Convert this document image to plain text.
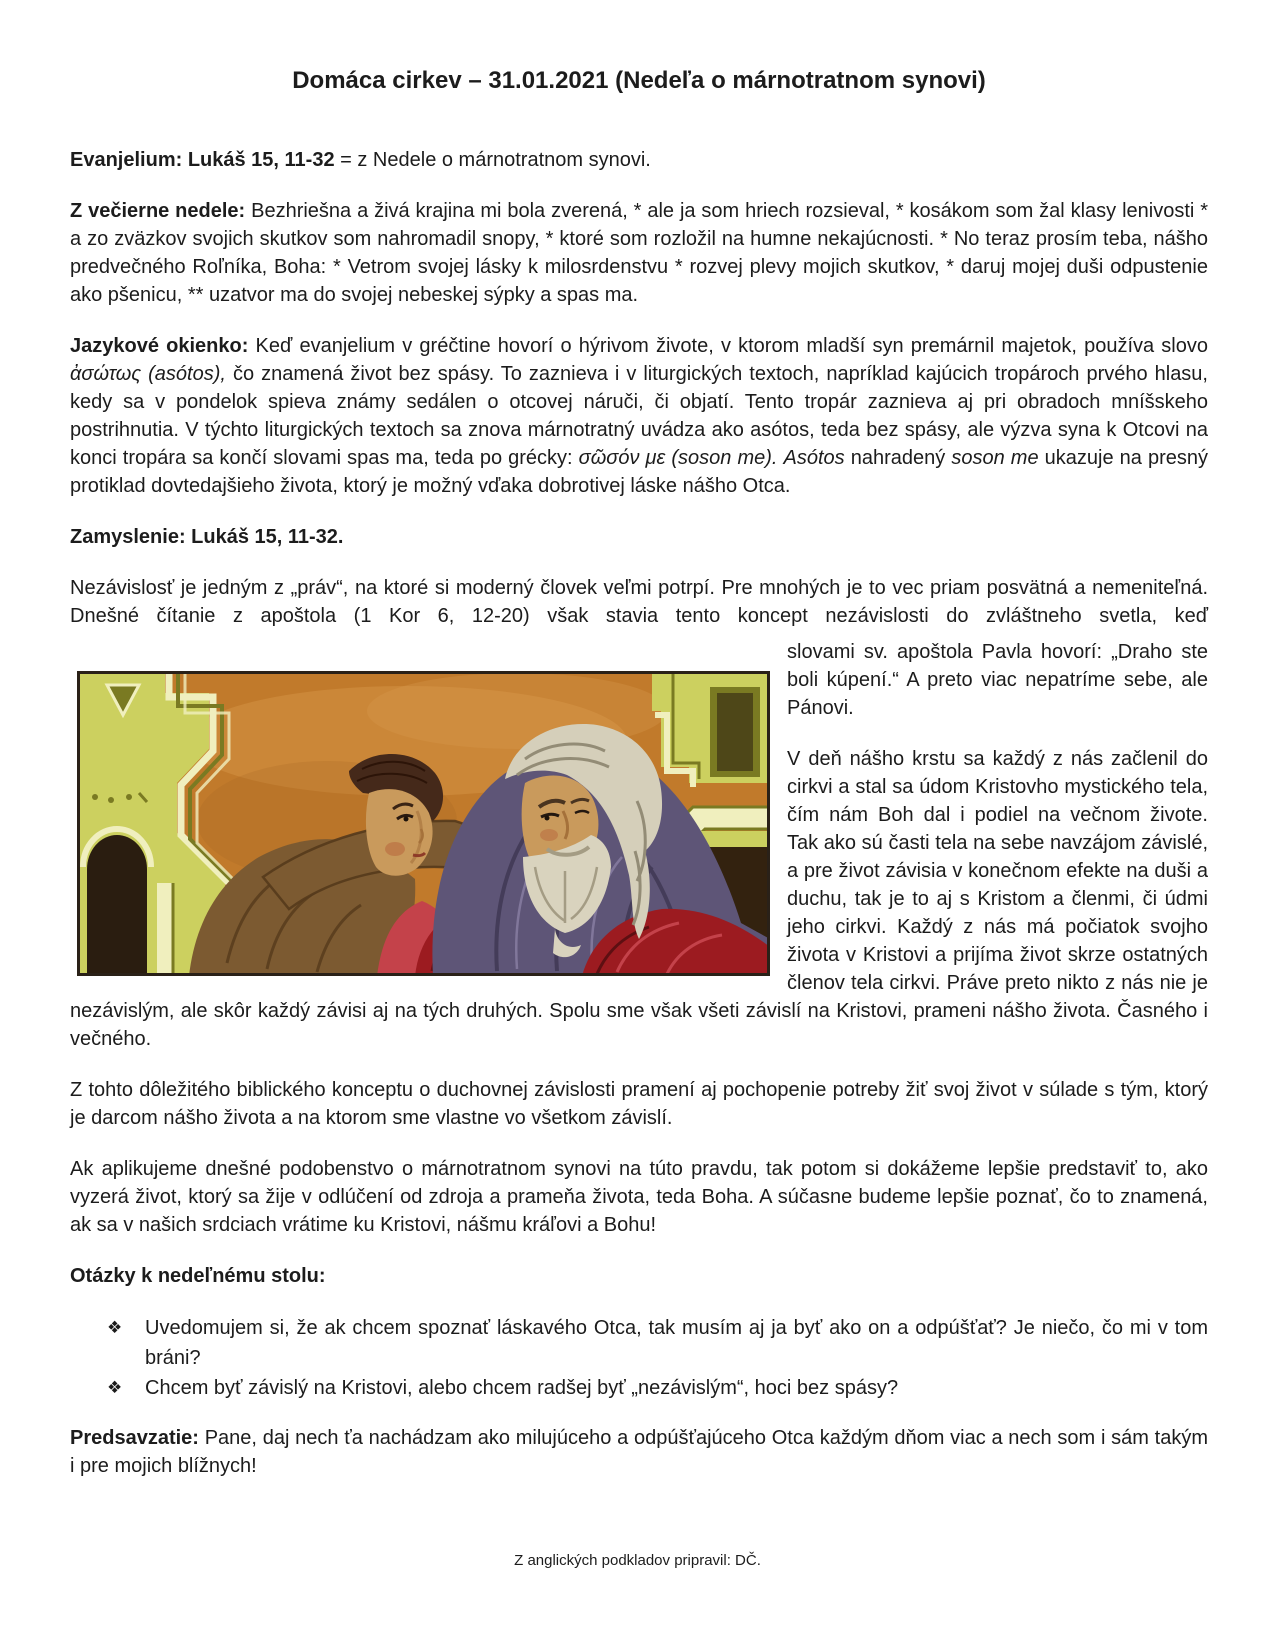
Domáca cirkev – 31.01.2021 (Nedeľa o márnotratnom synovi)

Evanjelium: Lukáš 15, 11-32 = z Nedele o márnotratnom synovi.

Z večierne nedele: Bezhriešna a živá krajina mi bola zverená, * ale ja som hriech rozsieval, * kosákom som žal klasy lenivosti * a zo zväzkov svojich skutkov som nahromadil snopy, * ktoré som rozložil na humne nekajúcnosti. * No teraz prosím teba, nášho predvečného Roľníka, Boha: * Vetrom svojej lásky k milosrdenstvu * rozvej plevy mojich skutkov, * daruj mojej duši odpustenie ako pšenicu, ** uzatvor ma do svojej nebeskej sýpky a spas ma.

Jazykové okienko: Keď evanjelium v gréčtine hovorí o hýrivom živote, v ktorom mladší syn premárnil majetok, používa slovo ἀσώτως (asótos), čo znamená život bez spásy. To zaznieva i v liturgických textoch, napríklad kajúcich tropároch prvého hlasu, kedy sa v pondelok spieva známy sedálen o otcovej náruči, či objatí. Tento tropár zaznieva aj pri obradoch mníšskeho postrihnutia. V týchto liturgických textoch sa znova márnotratný uvádza ako asótos, teda bez spásy, ale výzva syna k Otcovi na konci tropára sa končí slovami spas ma, teda po grécky: σῶσόν με (soson me). Asótos nahradený soson me ukazuje na presný protiklad dovtedajšieho života, ktorý je možný vďaka dobrotivej láske nášho Otca.

Zamyslenie: Lukáš 15, 11-32.

Nezávislosť je jedným z „práv“, na ktoré si moderný človek veľmi potrpí. Pre mnohých je to vec priam posvätná a nemeniteľná. Dnešné čítanie z apoštola (1 Kor 6, 12-20) však stavia tento koncept nezávislosti do zvláštneho svetla, keď

slovami sv. apoštola Pavla hovorí: „Draho ste boli kúpení.“ A preto viac nepatríme sebe, ale Pánovi.

V deň nášho krstu sa každý z nás začlenil do cirkvi a stal sa údom Kristovho mystického tela, čím nám Boh dal i podiel na večnom živote. Tak ako sú časti tela na sebe navzájom závislé, a pre život závisia v konečnom efekte na duši a duchu, tak je to aj s Kristom a členmi, či údmi jeho cirkvi. Každý z nás má počiatok svojho života v Kristovi a prijíma život skrze ostatných členov tela cirkvi. Práve preto nikto z nás nie je nezávislým, ale skôr každý závisi aj na tých druhých. Spolu sme však všeti závislí na Kristovi, prameni nášho života. Časného i večného.

Z tohto dôležitého biblického konceptu o duchovnej závislosti pramení aj pochopenie potreby žiť svoj život v súlade s tým, ktorý je darcom nášho života a na ktorom sme vlastne vo všetkom závislí.

Ak aplikujeme dnešné podobenstvo o márnotratnom synovi na túto pravdu, tak potom si dokážeme lepšie predstaviť to, ako vyzerá život, ktorý sa žije v odlúčení od zdroja a prameňa života, teda Boha. A súčasne budeme lepšie poznať, čo to znamená, ak sa v našich srdciach vrátime ku Kristovi, nášmu kráľovi a Bohu!

Otázky k nedeľnému stolu:

❖	Uvedomujem si, že ak chcem spoznať láskavého Otca, tak musím aj ja byť ako on a odpúšťať? Je niečo, čo mi v tom bráni?

❖	Chcem byť závislý na Kristovi, alebo chcem radšej byť „nezávislým“, hoci bez spásy?

Predsavzatie: Pane, daj nech ťa nachádzam ako milujúceho a odpúšťajúceho Otca každým dňom viac a nech som i sám takým i pre mojich blížnych!

Z anglických podkladov pripravil: DČ.
